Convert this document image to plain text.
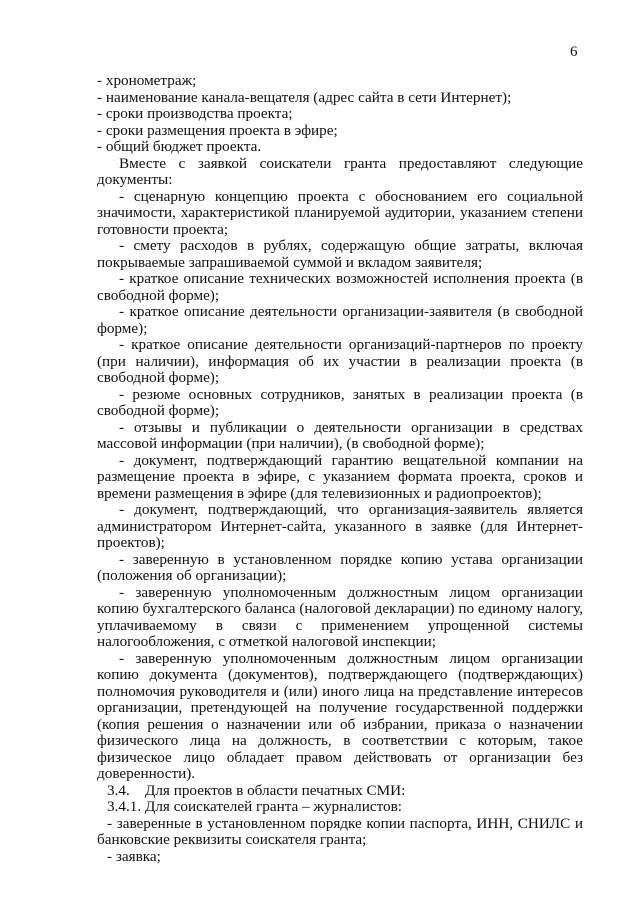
6

- хронометраж;

- наименование канала-вещателя (адрес сайта в сети Интернет);

- сроки производства проекта;

- сроки размещения проекта в эфире;

- общий бюджет проекта.

Вместе с заявкой соискатели гранта предоставляют следующие документы:

- сценарную концепцию проекта с обоснованием его социальной значимости, характеристикой планируемой аудитории, указанием степени готовности проекта;

- смету расходов в рублях, содержащую общие затраты, включая покрываемые запрашиваемой суммой и вкладом заявителя;

- краткое описание технических возможностей исполнения проекта (в свободной форме);

- краткое описание деятельности организации-заявителя (в свободной форме);

- краткое описание деятельности организаций-партнеров по проекту (при наличии), информация об их участии в реализации проекта (в свободной форме);

- резюме основных сотрудников, занятых в реализации проекта (в свободной форме);

- отзывы и публикации о деятельности организации в средствах массовой информации (при наличии), (в свободной форме);

- документ, подтверждающий гарантию вещательной компании на размещение проекта в эфире, с указанием формата проекта, сроков и времени размещения в эфире (для телевизионных и радиопроектов);

- документ, подтверждающий, что организация-заявитель является администратором Интернет-сайта, указанного в заявке (для Интернет-проектов);

- заверенную в установленном порядке копию устава организации (положения об организации);

- заверенную уполномоченным должностным лицом организации копию бухгалтерского баланса (налоговой декларации) по единому налогу, уплачиваемому в связи с применением упрощенной системы налогообложения, с отметкой налоговой инспекции;

- заверенную уполномоченным должностным лицом организации копию документа (документов), подтверждающего (подтверждающих) полномочия руководителя и (или) иного лица на представление интересов организации, претендующей на получение государственной поддержки (копия решения о назначении или об избрании, приказа о назначении физического лица на должность, в соответствии с которым, такое физическое лицо обладает правом действовать от организации без доверенности).

3.4.    Для проектов в области печатных СМИ:

3.4.1. Для соискателей гранта – журналистов:

- заверенные в установленном порядке копии паспорта, ИНН, СНИЛС и банковские реквизиты соискателя гранта;

- заявка;
